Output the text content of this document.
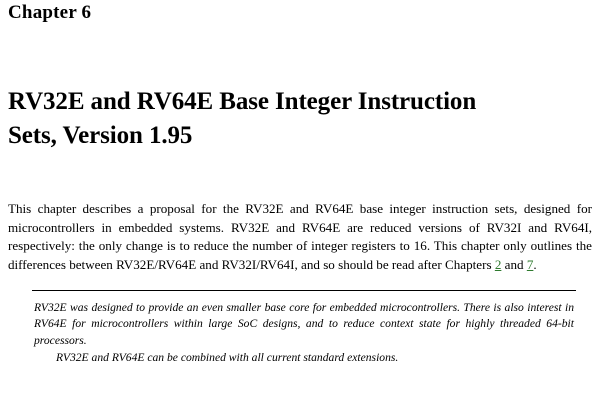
Chapter 6
RV32E and RV64E Base Integer Instruction Sets, Version 1.95

This chapter describes a proposal for the RV32E and RV64E base integer instruction sets, designed for microcontrollers in embedded systems. RV32E and RV64E are reduced versions of RV32I and RV64I, respectively: the only change is to reduce the number of integer registers to 16. This chapter only outlines the differences between RV32E/RV64E and RV32I/RV64I, and so should be read after Chapters 2 and 7.

RV32E was designed to provide an even smaller base core for embedded microcontrollers. There is also interest in RV64E for microcontrollers within large SoC designs, and to reduce context state for highly threaded 64-bit processors.

RV32E and RV64E can be combined with all current standard extensions.
